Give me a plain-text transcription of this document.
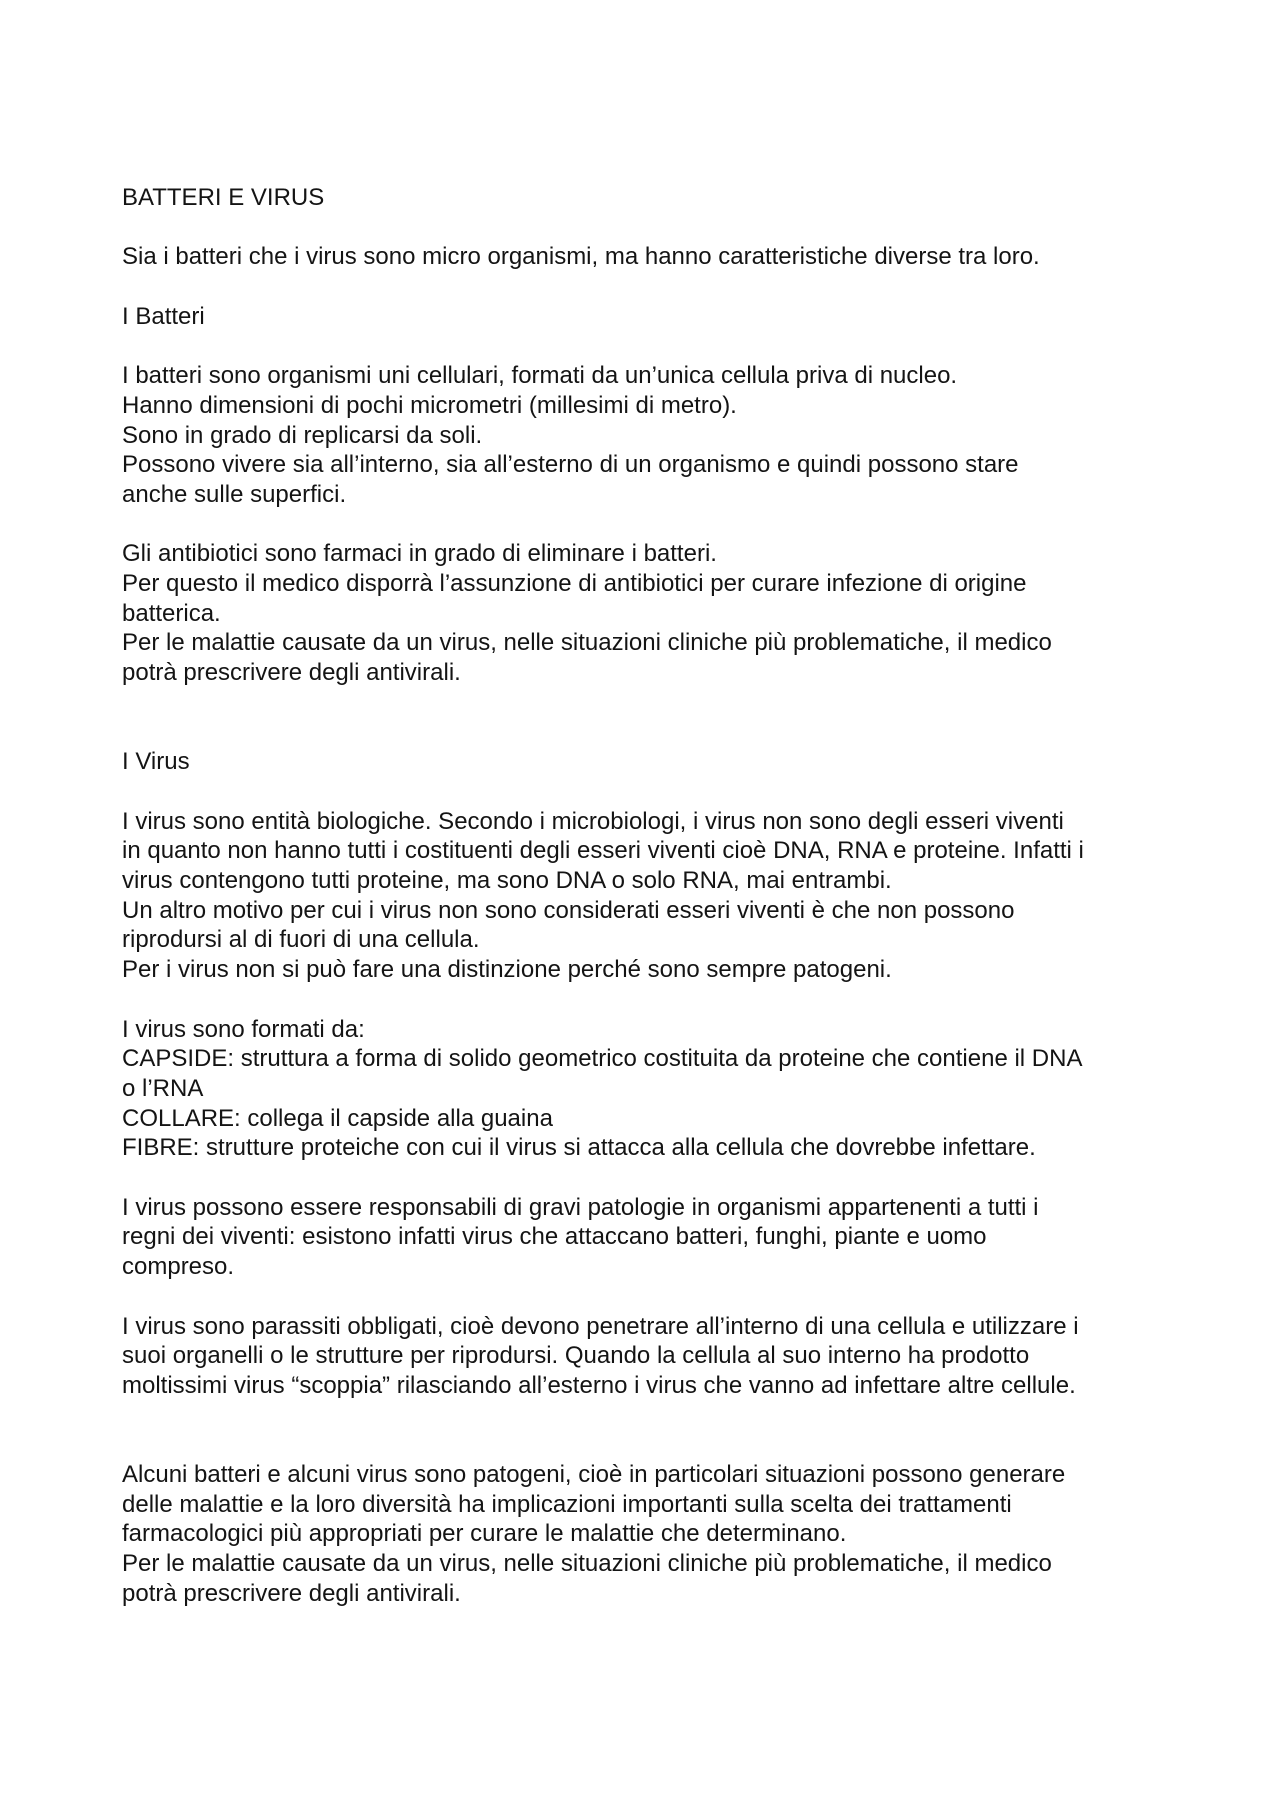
BATTERI E VIRUS
Sia i batteri che i virus sono micro organismi, ma hanno caratteristiche diverse tra loro.
I Batteri
I batteri sono organismi uni cellulari, formati da un’unica cellula priva di nucleo.
Hanno dimensioni di pochi micrometri (millesimi di metro).
Sono in grado di replicarsi da soli.
Possono vivere sia all’interno, sia all’esterno di un organismo e quindi possono stare
anche sulle superfici.
Gli antibiotici sono farmaci in grado di eliminare i batteri.
Per questo il medico disporrà l’assunzione di antibiotici per curare infezione di origine
batterica.
Per le malattie causate da un virus, nelle situazioni cliniche più problematiche, il medico
potrà prescrivere degli antivirali.
I Virus
I virus sono entità biologiche. Secondo i microbiologi, i virus non sono degli esseri viventi
in quanto non hanno tutti i costituenti degli esseri viventi cioè DNA, RNA e proteine. Infatti i
virus contengono tutti proteine, ma sono DNA o solo RNA, mai entrambi.
Un altro motivo per cui i virus non sono considerati esseri viventi è che non possono
riprodursi al di fuori di una cellula.
Per i virus non si può fare una distinzione perché sono sempre patogeni.
I virus sono formati da:
CAPSIDE: struttura a forma di solido geometrico costituita da proteine che contiene il DNA
o l’RNA
COLLARE: collega il capside alla guaina
FIBRE: strutture proteiche con cui il virus si attacca alla cellula che dovrebbe infettare.
I virus possono essere responsabili di gravi patologie in organismi appartenenti a tutti i
regni dei viventi: esistono infatti virus che attaccano batteri, funghi, piante e uomo
compreso.
I virus sono parassiti obbligati, cioè devono penetrare all’interno di una cellula e utilizzare i
suoi organelli o le strutture per riprodursi. Quando la cellula al suo interno ha prodotto
moltissimi virus “scoppia” rilasciando all’esterno i virus che vanno ad infettare altre cellule.
Alcuni batteri e alcuni virus sono patogeni, cioè in particolari situazioni possono generare
delle malattie e la loro diversità ha implicazioni importanti sulla scelta dei trattamenti
farmacologici più appropriati per curare le malattie che determinano.
Per le malattie causate da un virus, nelle situazioni cliniche più problematiche, il medico
potrà prescrivere degli antivirali.
